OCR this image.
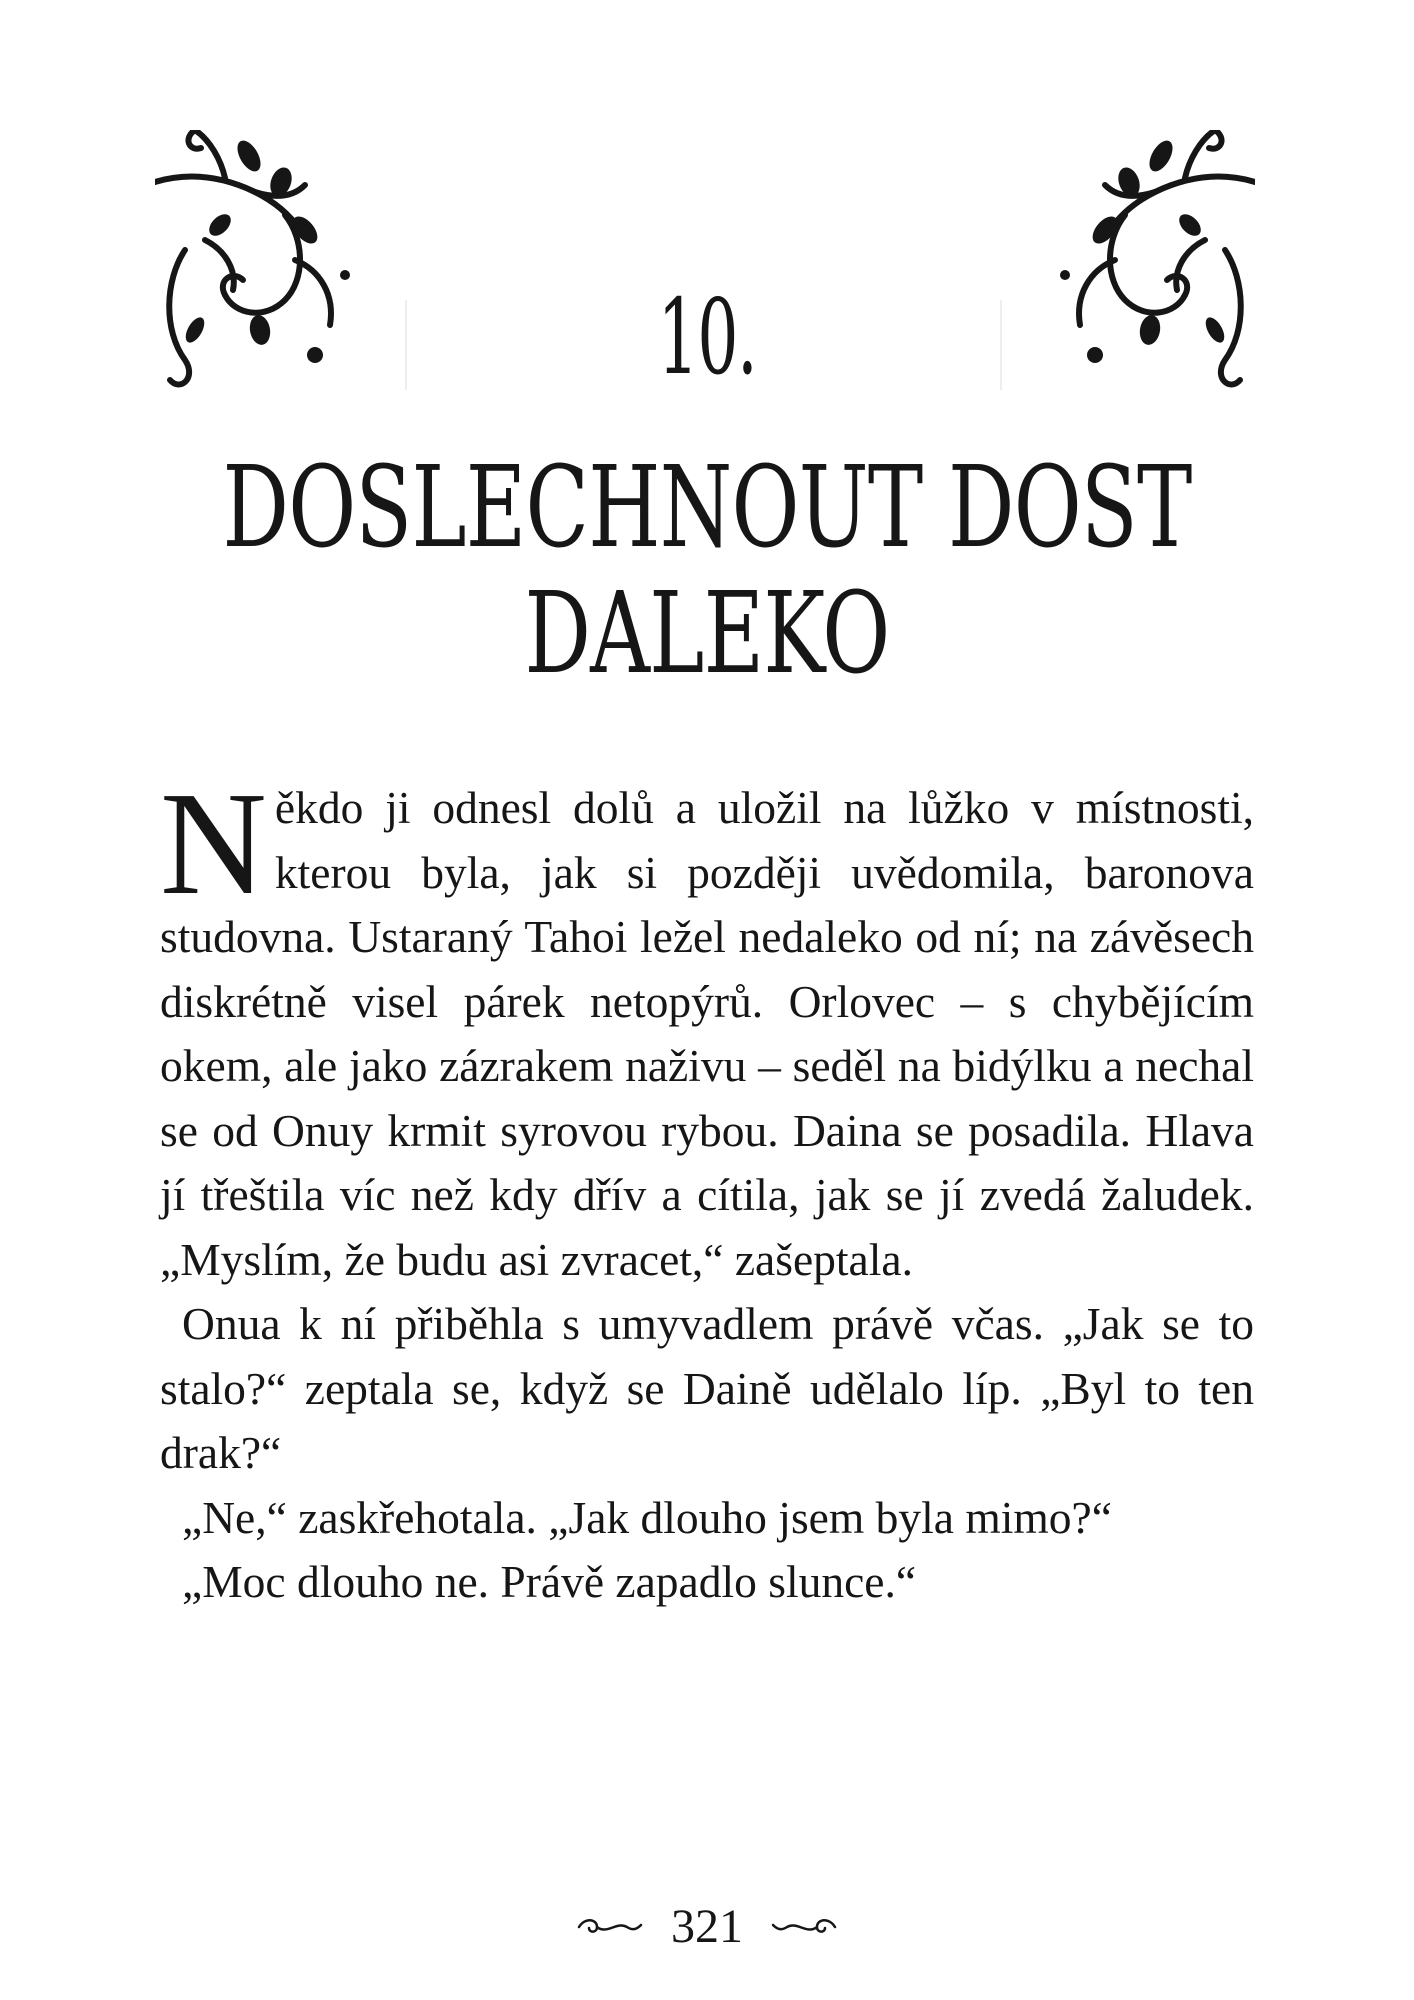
10.
DOSLECHNOUT DOST
DALEKO

Někdo ji odnesl dolů a uložil na lůžko v místnosti, kterou byla, jak si později uvědomila, baronova studovna. Ustaraný Tahoi ležel nedaleko od ní; na závěsech diskrétně visel párek netopýrů. Orlovec – s chybějícím okem, ale jako zázrakem naživu – seděl na bidýlku a nechal se od Onuy krmit syrovou rybou. Daina se posadila. Hlava jí třeštila víc než kdy dřív a cítila, jak se jí zvedá žaludek. „Myslím, že budu asi zvracet,“ zašeptala.

Onua k ní přiběhla s umyvadlem právě včas. „Jak se to stalo?“ zeptala se, když se Daině udělalo líp. „Byl to ten drak?“

„Ne,“ zaskřehotala. „Jak dlouho jsem byla mimo?“

„Moc dlouho ne. Právě zapadlo slunce.“

321
